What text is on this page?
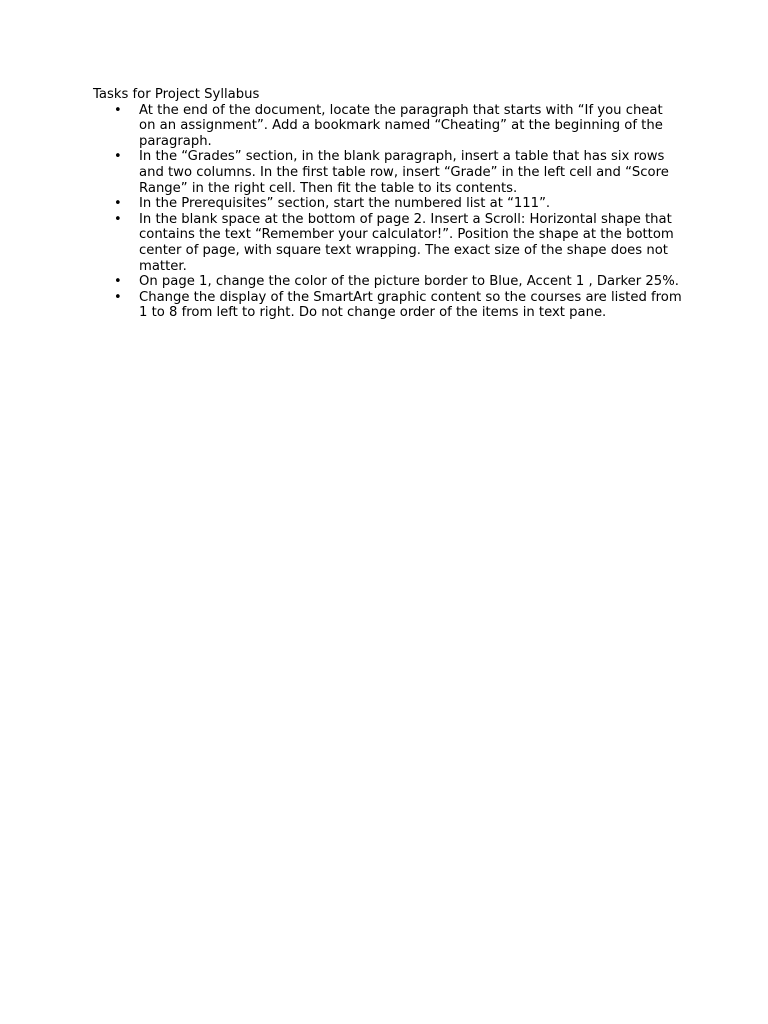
Tasks for Project Syllabus

• At the end of the document, locate the paragraph that starts with “If you cheat on an assignment”. Add a bookmark named “Cheating” at the beginning of the paragraph.
• In the “Grades” section, in the blank paragraph, insert a table that has six rows and two columns. In the first table row, insert “Grade” in the left cell and “Score Range” in the right cell. Then fit the table to its contents.
• In the Prerequisites” section, start the numbered list at “111”.
• In the blank space at the bottom of page 2. Insert a Scroll: Horizontal shape that contains the text “Remember your calculator!”. Position the shape at the bottom center of page, with square text wrapping. The exact size of the shape does not matter.
• On page 1, change the color of the picture border to Blue, Accent 1 , Darker 25%.
• Change the display of the SmartArt graphic content so the courses are listed from 1 to 8 from left to right. Do not change order of the items in text pane.
